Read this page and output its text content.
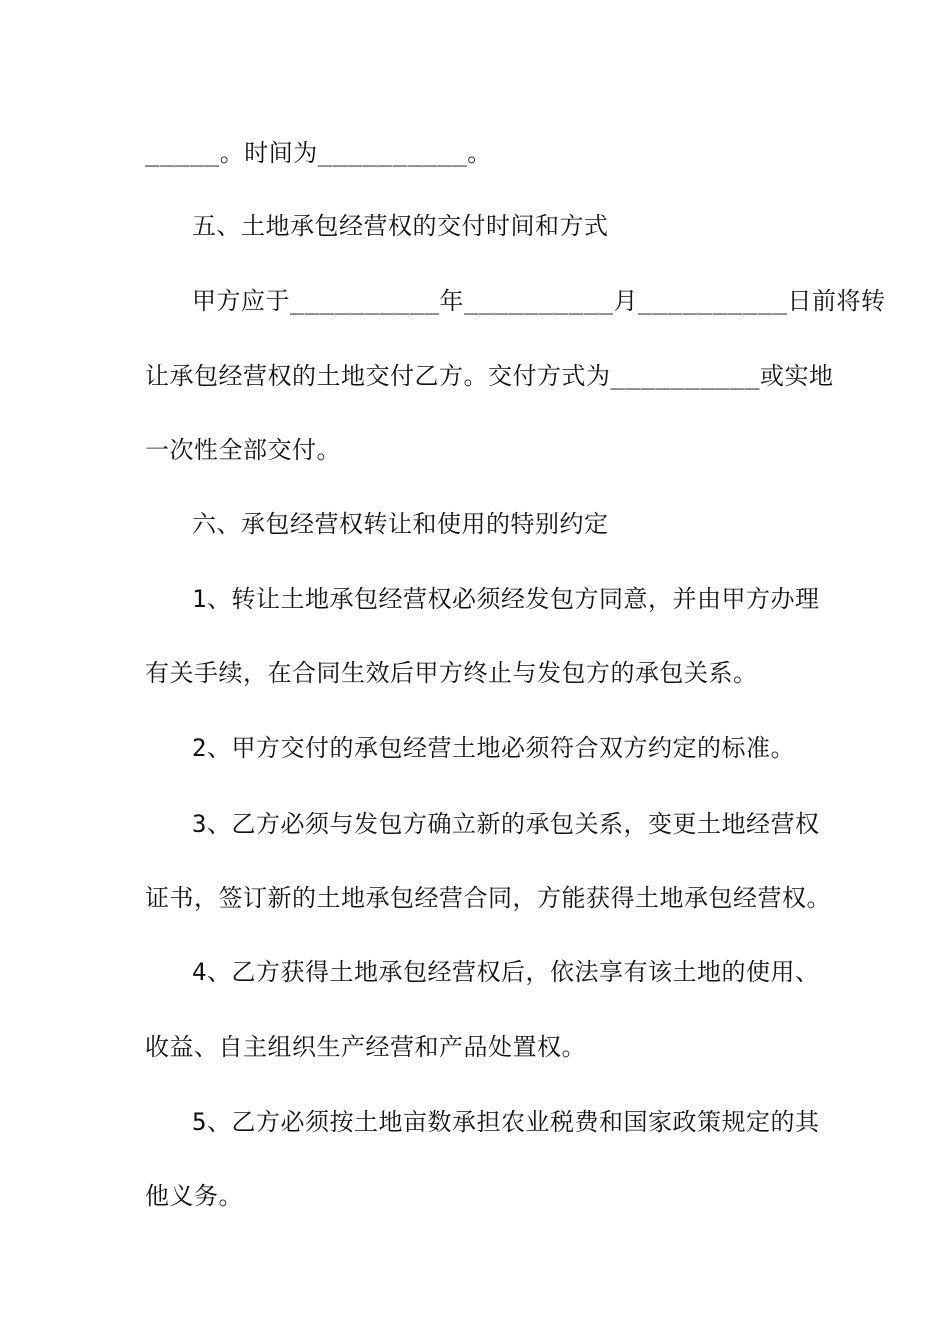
_____。时间为__________。
五、土地承包经营权的交付时间和方式
甲方应于__________年__________月__________日前将转
让承包经营权的土地交付乙方。交付方式为__________或实地
一次性全部交付。
六、承包经营权转让和使用的特别约定
1、转让土地承包经营权必须经发包方同意，并由甲方办理
有关手续，在合同生效后甲方终止与发包方的承包关系。
2、甲方交付的承包经营土地必须符合双方约定的标准。
3、乙方必须与发包方确立新的承包关系，变更土地经营权
证书，签订新的土地承包经营合同，方能获得土地承包经营权。
4、乙方获得土地承包经营权后，依法享有该土地的使用、
收益、自主组织生产经营和产品处置权。
5、乙方必须按土地亩数承担农业税费和国家政策规定的其
他义务。
